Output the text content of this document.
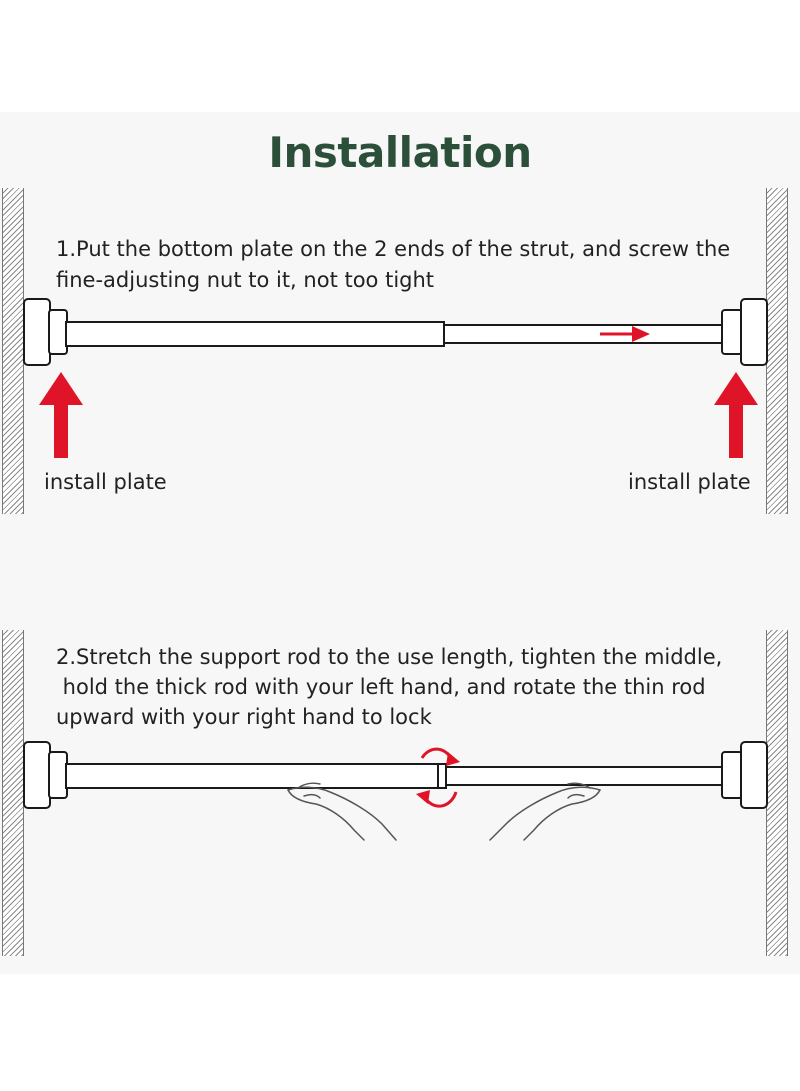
Installation
1.Put the bottom plate on the 2 ends of the strut, and screw the
fine-adjusting nut to it, not too tight
install plate	install plate
2.Stretch the support rod to the use length, tighten the middle,
hold the thick rod with your left hand, and rotate the thin rod
upward with your right hand to lock
